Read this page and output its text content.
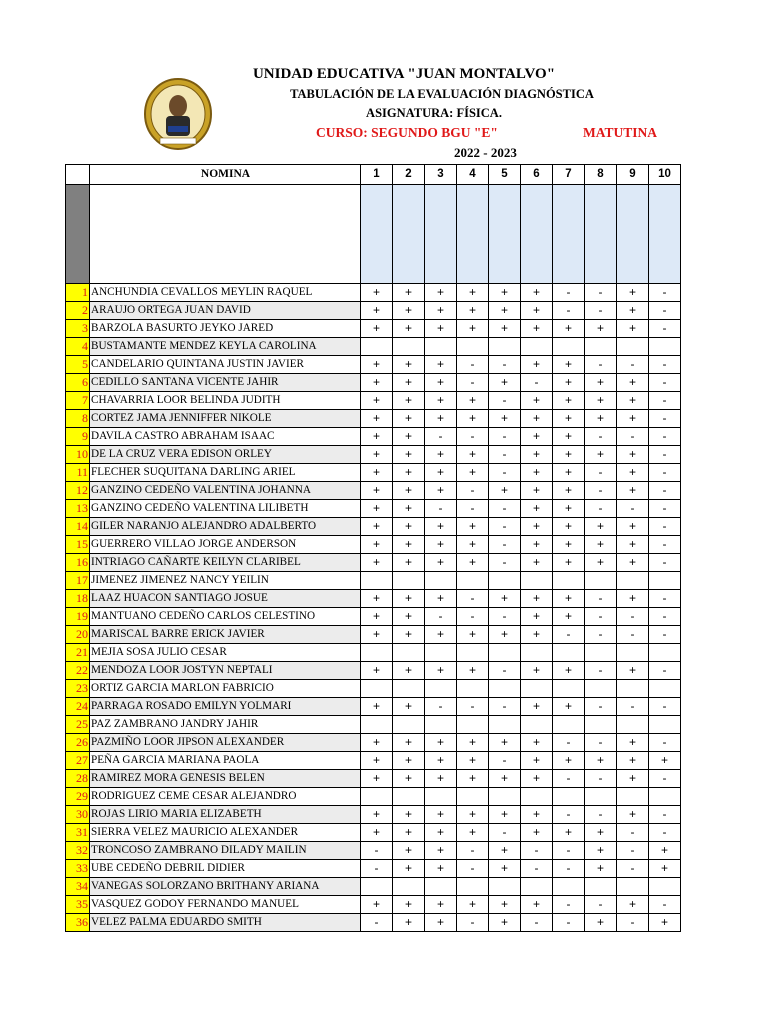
UNIDAD EDUCATIVA "JUAN MONTALVO"
TABULACIÓN DE LA EVALUACIÓN DIAGNÓSTICA
ASIGNATURA: FÍSICA.
CURSO: SEGUNDO BGU "E"	MATUTINA
2022 - 2023
	NOMINA	1	2	3	4	5	6	7	8	9	10

1	ANCHUNDIA CEVALLOS MEYLIN RAQUEL	+	+	+	+	+	+	-	-	+	-
2	ARAUJO ORTEGA JUAN DAVID	+	+	+	+	+	+	-	-	+	-
3	BARZOLA BASURTO JEYKO JARED	+	+	+	+	+	+	+	+	+	-
4	BUSTAMANTE MENDEZ KEYLA CAROLINA										
5	CANDELARIO QUINTANA JUSTIN JAVIER	+	+	+	-	-	+	+	-	-	-
6	CEDILLO SANTANA VICENTE JAHIR	+	+	+	-	+	-	+	+	+	-
7	CHAVARRIA LOOR BELINDA JUDITH	+	+	+	+	-	+	+	+	+	-
8	CORTEZ JAMA JENNIFFER NIKOLE	+	+	+	+	+	+	+	+	+	-
9	DAVILA CASTRO ABRAHAM ISAAC	+	+	-	-	-	+	+	-	-	-
10	DE LA CRUZ VERA EDISON ORLEY	+	+	+	+	-	+	+	+	+	-
11	FLECHER SUQUITANA DARLING ARIEL	+	+	+	+	-	+	+	-	+	-
12	GANZINO CEDEÑO VALENTINA JOHANNA	+	+	+	-	+	+	+	-	+	-
13	GANZINO CEDEÑO VALENTINA LILIBETH	+	+	-	-	-	+	+	-	-	-
14	GILER NARANJO ALEJANDRO ADALBERTO	+	+	+	+	-	+	+	+	+	-
15	GUERRERO VILLAO JORGE ANDERSON	+	+	+	+	-	+	+	+	+	-
16	INTRIAGO CAÑARTE KEILYN CLARIBEL	+	+	+	+	-	+	+	+	+	-
17	JIMENEZ JIMENEZ NANCY YEILIN										
18	LAAZ HUACON SANTIAGO JOSUE	+	+	+	-	+	+	+	-	+	-
19	MANTUANO CEDEÑO CARLOS CELESTINO	+	+	-	-	-	+	+	-	-	-
20	MARISCAL BARRE ERICK JAVIER	+	+	+	+	+	+	-	-	-	-
21	MEJIA SOSA JULIO CESAR										
22	MENDOZA LOOR JOSTYN NEPTALI	+	+	+	+	-	+	+	-	+	-
23	ORTIZ GARCIA MARLON FABRICIO										
24	PARRAGA ROSADO EMILYN YOLMARI	+	+	-	-	-	+	+	-	-	-
25	PAZ ZAMBRANO JANDRY JAHIR										
26	PAZMIÑO LOOR JIPSON ALEXANDER	+	+	+	+	+	+	-	-	+	-
27	PEÑA GARCIA MARIANA PAOLA	+	+	+	+	-	+	+	+	+	+
28	RAMIREZ MORA GENESIS BELEN	+	+	+	+	+	+	-	-	+	-
29	RODRIGUEZ CEME CESAR ALEJANDRO										
30	ROJAS LIRIO MARIA ELIZABETH	+	+	+	+	+	+	-	-	+	-
31	SIERRA VELEZ MAURICIO ALEXANDER	+	+	+	+	-	+	+	+	-	-
32	TRONCOSO ZAMBRANO DILADY MAILIN	-	+	+	-	+	-	-	+	-	+
33	UBE CEDEÑO DEBRIL DIDIER	-	+	+	-	+	-	-	+	-	+
34	VANEGAS SOLORZANO BRITHANY ARIANA										
35	VASQUEZ GODOY FERNANDO MANUEL	+	+	+	+	+	+	-	-	+	-
36	VELEZ PALMA EDUARDO SMITH	-	+	+	-	+	-	-	+	-	+
